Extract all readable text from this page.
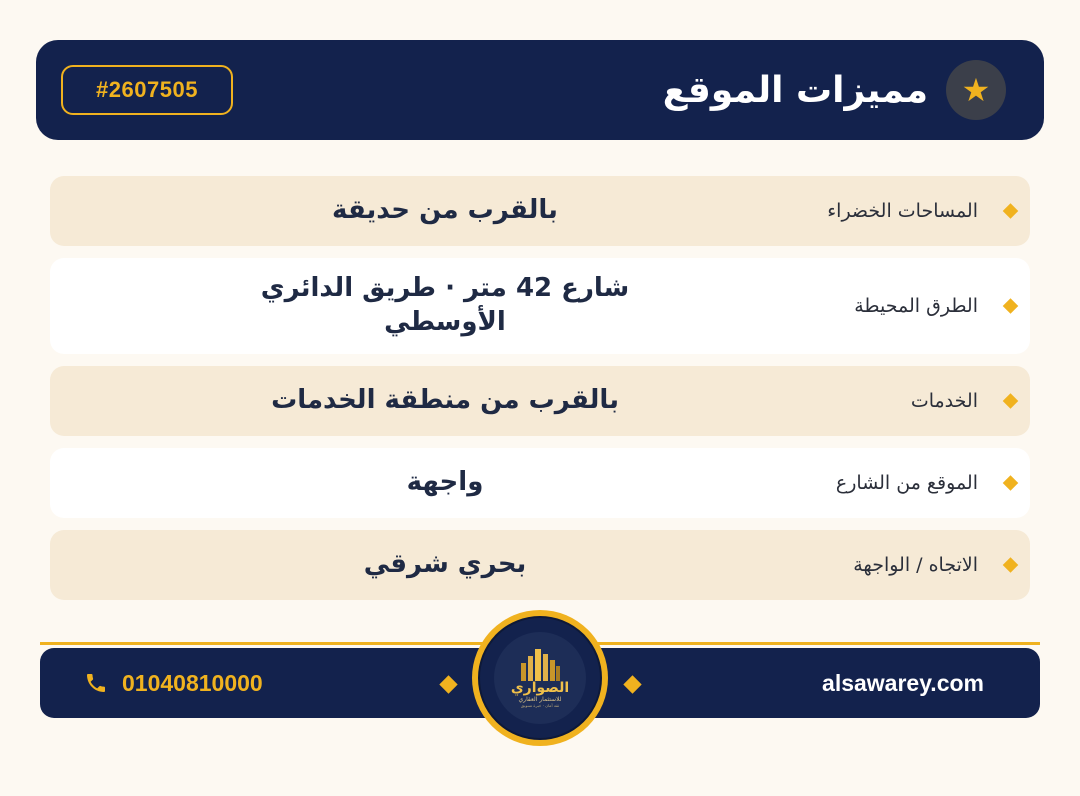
★
مميزات الموقع
#2607505
المساحات الخضراء
بالقرب من حديقة
الطرق المحيطة
شارع 42 متر · طريق الدائري الأوسطي
الخدمات
بالقرب من منطقة الخدمات
الموقع من الشارع
واجهة
الاتجاه / الواجهة
بحري شرقي
01040810000	alsawarey.com
الصواري
للاستثمار العقاري
ثقة أمان · خبرة تسويق
